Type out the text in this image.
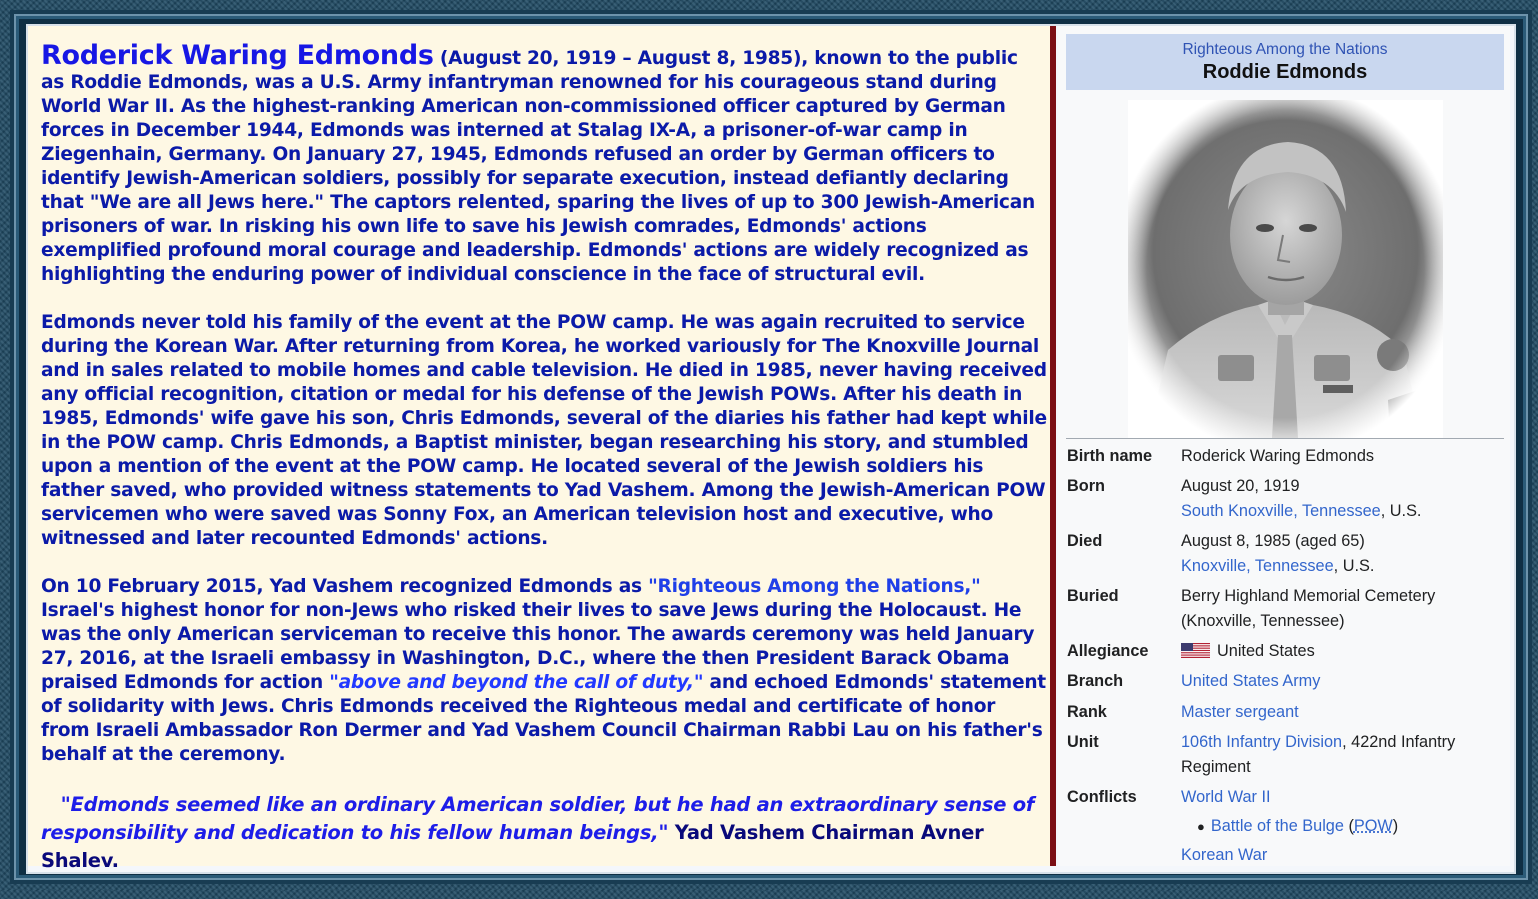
Roderick Waring Edmonds (August 20, 1919 – August 8, 1985), known to the public as Roddie Edmonds, was a U.S. Army infantryman renowned for his courageous stand during World War II. As the highest-ranking American non-commissioned officer captured by German forces in December 1944, Edmonds was interned at Stalag IX-A, a prisoner-of-war camp in Ziegenhain, Germany. On January 27, 1945, Edmonds refused an order by German officers to identify Jewish-American soldiers, possibly for separate execution, instead defiantly declaring that "We are all Jews here." The captors relented, sparing the lives of up to 300 Jewish-American prisoners of war. In risking his own life to save his Jewish comrades, Edmonds' actions exemplified profound moral courage and leadership. Edmonds' actions are widely recognized as highlighting the enduring power of individual conscience in the face of structural evil.

Edmonds never told his family of the event at the POW camp. He was again recruited to service during the Korean War. After returning from Korea, he worked variously for The Knoxville Journal and in sales related to mobile homes and cable television. He died in 1985, never having received any official recognition, citation or medal for his defense of the Jewish POWs. After his death in 1985, Edmonds' wife gave his son, Chris Edmonds, several of the diaries his father had kept while in the POW camp. Chris Edmonds, a Baptist minister, began researching his story, and stumbled upon a mention of the event at the POW camp. He located several of the Jewish soldiers his father saved, who provided witness statements to Yad Vashem. Among the Jewish-American POW servicemen who were saved was Sonny Fox, an American television host and executive, who witnessed and later recounted Edmonds' actions.

On 10 February 2015, Yad Vashem recognized Edmonds as "Righteous Among the Nations," Israel's highest honor for non-Jews who risked their lives to save Jews during the Holocaust. He was the only American serviceman to receive this honor. The awards ceremony was held January 27, 2016, at the Israeli embassy in Washington, D.C., where the then President Barack Obama praised Edmonds for action "above and beyond the call of duty," and echoed Edmonds' statement of solidarity with Jews. Chris Edmonds received the Righteous medal and certificate of honor from Israeli Ambassador Ron Dermer and Yad Vashem Council Chairman Rabbi Lau on his father's behalf at the ceremony.

"Edmonds seemed like an ordinary American soldier, but he had an extraordinary sense of responsibility and dedication to his fellow human beings," Yad Vashem Chairman Avner Shalev.

Righteous Among the Nations
Roddie Edmonds
Birth name Roderick Waring Edmonds
Born	August 20, 1919
South Knoxville, Tennessee, U.S.
Died	August 8, 1985 (aged 65)
Knoxville, Tennessee, U.S.
Buried	Berry Highland Memorial Cemetery
(Knoxville, Tennessee)
Allegiance	United States
Branch	United States Army
Rank	Master sergeant
Unit	106th Infantry Division, 422nd Infantry
Regiment
Conflicts	World War II
● Battle of the Bulge (POW)
Korean War
